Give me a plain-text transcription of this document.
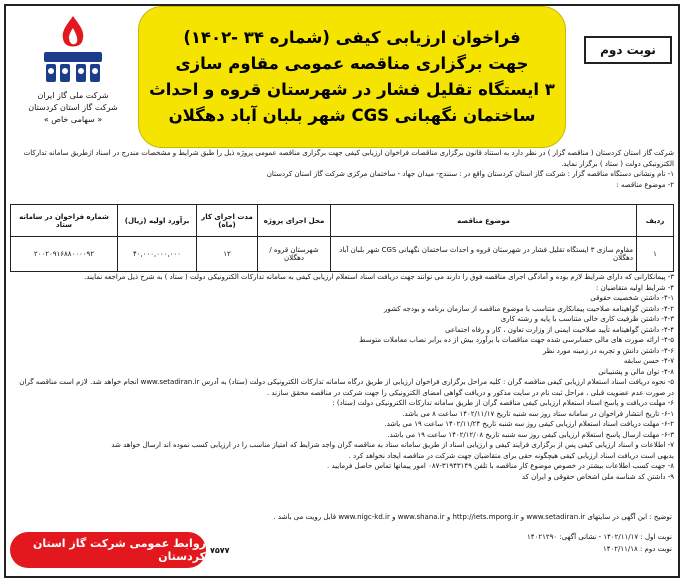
شرکت ملی گاز ایران
شرکت گاز استان کردستان
« سهامی خاص »
فراخوان ارزیابی کیفی (شماره ۳۴ -۱۴۰۲)
جهت برگزاری مناقصه عمومی مقاوم سازی
۳ ایستگاه تقلیل فشار در شهرستان قروه و احداث
ساختمان نگهبانی CGS شهر بلبان آباد دهگلان
نوبت دوم
شرکت گاز استان کردستان ( مناقصه گزار ) در نظر دارد به استناد قانون برگزاری مناقصات فراخوان ارزیابی کیفی جهت برگزاری مناقصه عمومی پروژه ذیل را طبق شرایط و مشخصات مندرج در اسناد ازطریق سامانه تدارکات الکترونیکی دولت ( ستاد ) برگزار نماید.
۱- نام ونشانی دستگاه مناقصه گزار : شرکت گاز استان کردستان واقع در : سنندج- میدان جهاد - ساختمان مرکزی شرکت گاز استان کردستان
۲- موضوع مناقصه :
ردیف	موضوع مناقصه	محل اجرای پروژه	مدت اجرای کار (ماه)	برآورد اولیه (ریال)	شماره فراخوان در سامانه ستاد
۱	مقاوم سازی ۳ ایستگاه تقلیل فشار در شهرستان قروه و احداث ساختمان نگهبانی CGS شهر بلبان آباد دهگلان	شهرستان قروه / دهگلان	۱۲	۴۰,۰۰۰,۰۰۰,۰۰۰	۲۰۰۲۰۹۱۶۸۸۰۰۰۰۹۲

۳- پیمانکارانی که دارای شرایط لازم بوده و آمادگی اجرای مناقصه فوق را دارند می توانند جهت دریافت اسناد استعلام ارزیابی کیفی به سامانه تدارکات الکترونیکی دولت ( ستاد ) به شرح ذیل مراجعه نمایند.

۴- شرایط اولیه متقاضیان :

۴-۱- داشتن شخصیت حقوقی

۴-۲- داشتن گواهینامه صلاحیت پیمانکاری متناسب با موضوع مناقصه از سازمان برنامه و بودجه کشور

۴-۳- داشتن ظرفیت کاری خالی متناسب با پایه و رشته کاری

۴-۴- داشتن گواهینامه تأیید صلاحیت ایمنی از وزارت تعاون ، کار و رفاه اجتماعی

۴-۵- ارائه صورت های مالی حسابرسی شده جهت مناقصات با برآورد بیش از ده برابر نصاب معاملات متوسط

۴-۶- داشتن دانش و تجربه در زمینه مورد نظر

۴-۷- حسن سابقه

۴-۸- توان مالی و پشتیبانی

۵- نحوه دریافت اسناد استعلام ارزیابی کیفی مناقصه گران : کلیه مراحل برگزاری فراخوان ارزیابی از طریق درگاه سامانه تدارکات الکترونیکی دولت (ستاد) به آدرس www.setadiran.ir انجام خواهد شد. لازم است مناقصه گران در صورت عدم عضویت قبلی ، مراحل ثبت نام در سایت مذکور و دریافت گواهی امضای الکترونیکی را جهت شرکت در مناقصه محقق سازند .

۶- مهلت دریافت و پاسخ اسناد استعلام ارزیابی کیفی مناقصه گران از طریق سامانه تدارکات الکترونیکی دولت (ستاد) :

۶-۱- تاریخ انتشار فراخوان در سامانه ستاد روز سه شنبه تاریخ ۱۴۰۲/۱۱/۱۷ ساعت ۸ می باشد.

۶-۲- مهلت دریافت اسناد استعلام ارزیابی کیفی روز سه شنبه تاریخ ۱۴۰۲/۱۱/۲۴ ساعت ۱۹ می باشد.

۶-۳- مهلت ارسال پاسخ استعلام ارزیابی کیفی روز سه شنبه تاریخ ۱۴۰۲/۱۲/۰۸ ساعت ۱۹ می باشد.

۷- اطلاعات و اسناد ارزیابی کیفی پس از برگزاری فرایند کیفی و ارزیابی اسناد از طریق سامانه ستاد به مناقصه گران واجد شرایط که امتیاز مناسب را در ارزیابی کسب نموده اند ارسال خواهد شد

بدیهی است دریافت اسناد ارزیابی کیفی هیچگونه حقی برای متقاضیان جهت شرکت در مناقصه ایجاد نخواهد کرد .

۸- جهت کسب اطلاعات بیشتر در خصوص موضوع کار مناقصه با تلفن ۳۱۹۴۳۱۴۹-۰۸۷ امور پیمانها تماس حاصل فرمایید .

۹- داشتن کد شناسه ملی اشخاص حقوقی و ایران کد

توضیح : این آگهی در سایتهای www.setadiran.ir و http://iets.mporg.ir و www.shana.ir و www.nigc-kd.ir قابل رویت می باشد .
نوبت اول : ۱۴۰۲/۱۱/۱۷ - نشانی آگهی: ۱۴۰۲۱۲۹۰
نوبت دوم : ۱۴۰۲/۱۱/۱۸
روابط عمومی شرکت گاز استان کردستان ۷۵۷۷
